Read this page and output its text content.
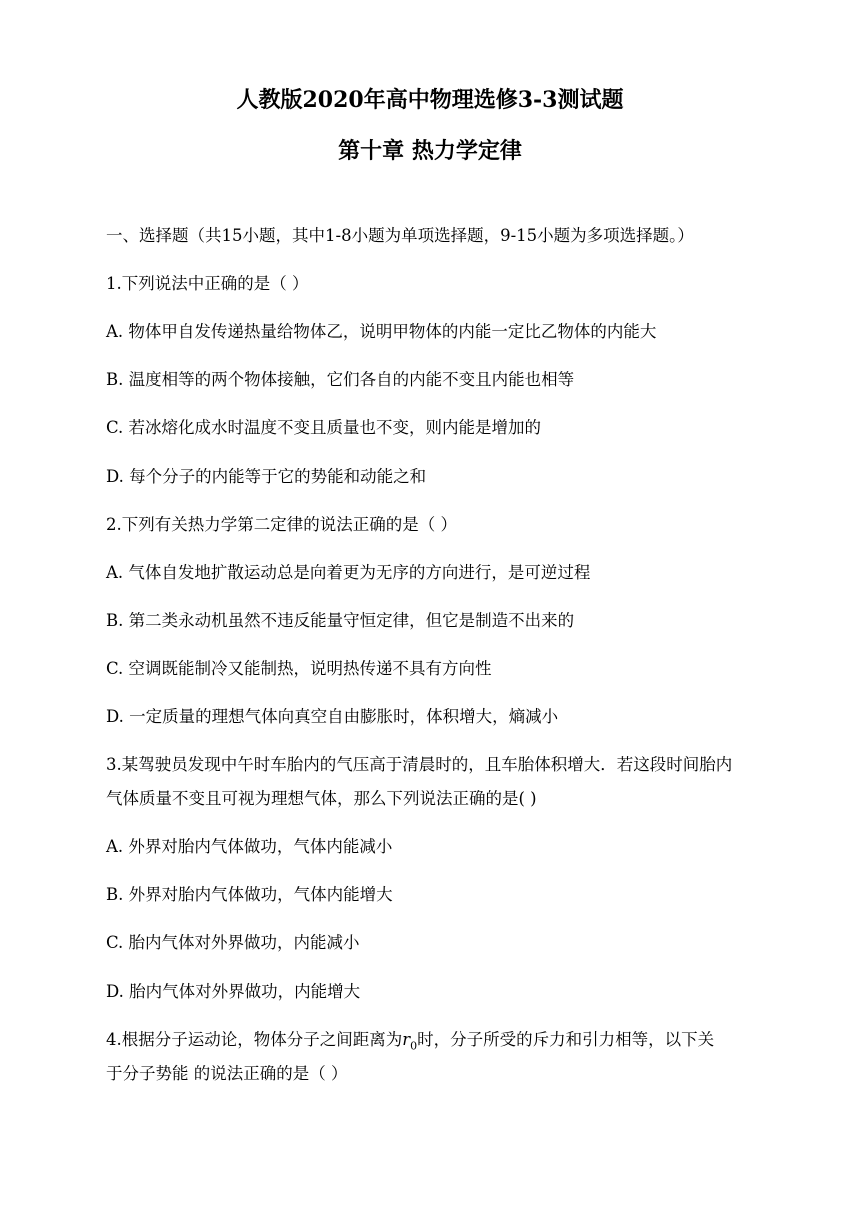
人教版2020年高中物理选修3-3测试题
第十章 热力学定律
一、选择题（共15小题，其中1-8小题为单项选择题，9-15小题为多项选择题。）
1.下列说法中正确的是（ ）
A. 物体甲自发传递热量给物体乙，说明甲物体的内能一定比乙物体的内能大
B. 温度相等的两个物体接触，它们各自的内能不变且内能也相等
C. 若冰熔化成水时温度不变且质量也不变，则内能是增加的
D. 每个分子的内能等于它的势能和动能之和
2.下列有关热力学第二定律的说法正确的是（ ）
A. 气体自发地扩散运动总是向着更为无序的方向进行，是可逆过程
B. 第二类永动机虽然不违反能量守恒定律，但它是制造不出来的
C. 空调既能制冷又能制热，说明热传递不具有方向性
D. 一定质量的理想气体向真空自由膨胀时，体积增大，熵减小
3.某驾驶员发现中午时车胎内的气压高于清晨时的，且车胎体积增大．若这段时间胎内
气体质量不变且可视为理想气体，那么下列说法正确的是( )
A. 外界对胎内气体做功，气体内能减小
B. 外界对胎内气体做功，气体内能增大
C. 胎内气体对外界做功，内能减小
D. 胎内气体对外界做功，内能增大
4.根据分子运动论，物体分子之间距离为$r_0$时，分子所受的斥力和引力相等，以下关
于分子势能 的说法正确的是（ ）
